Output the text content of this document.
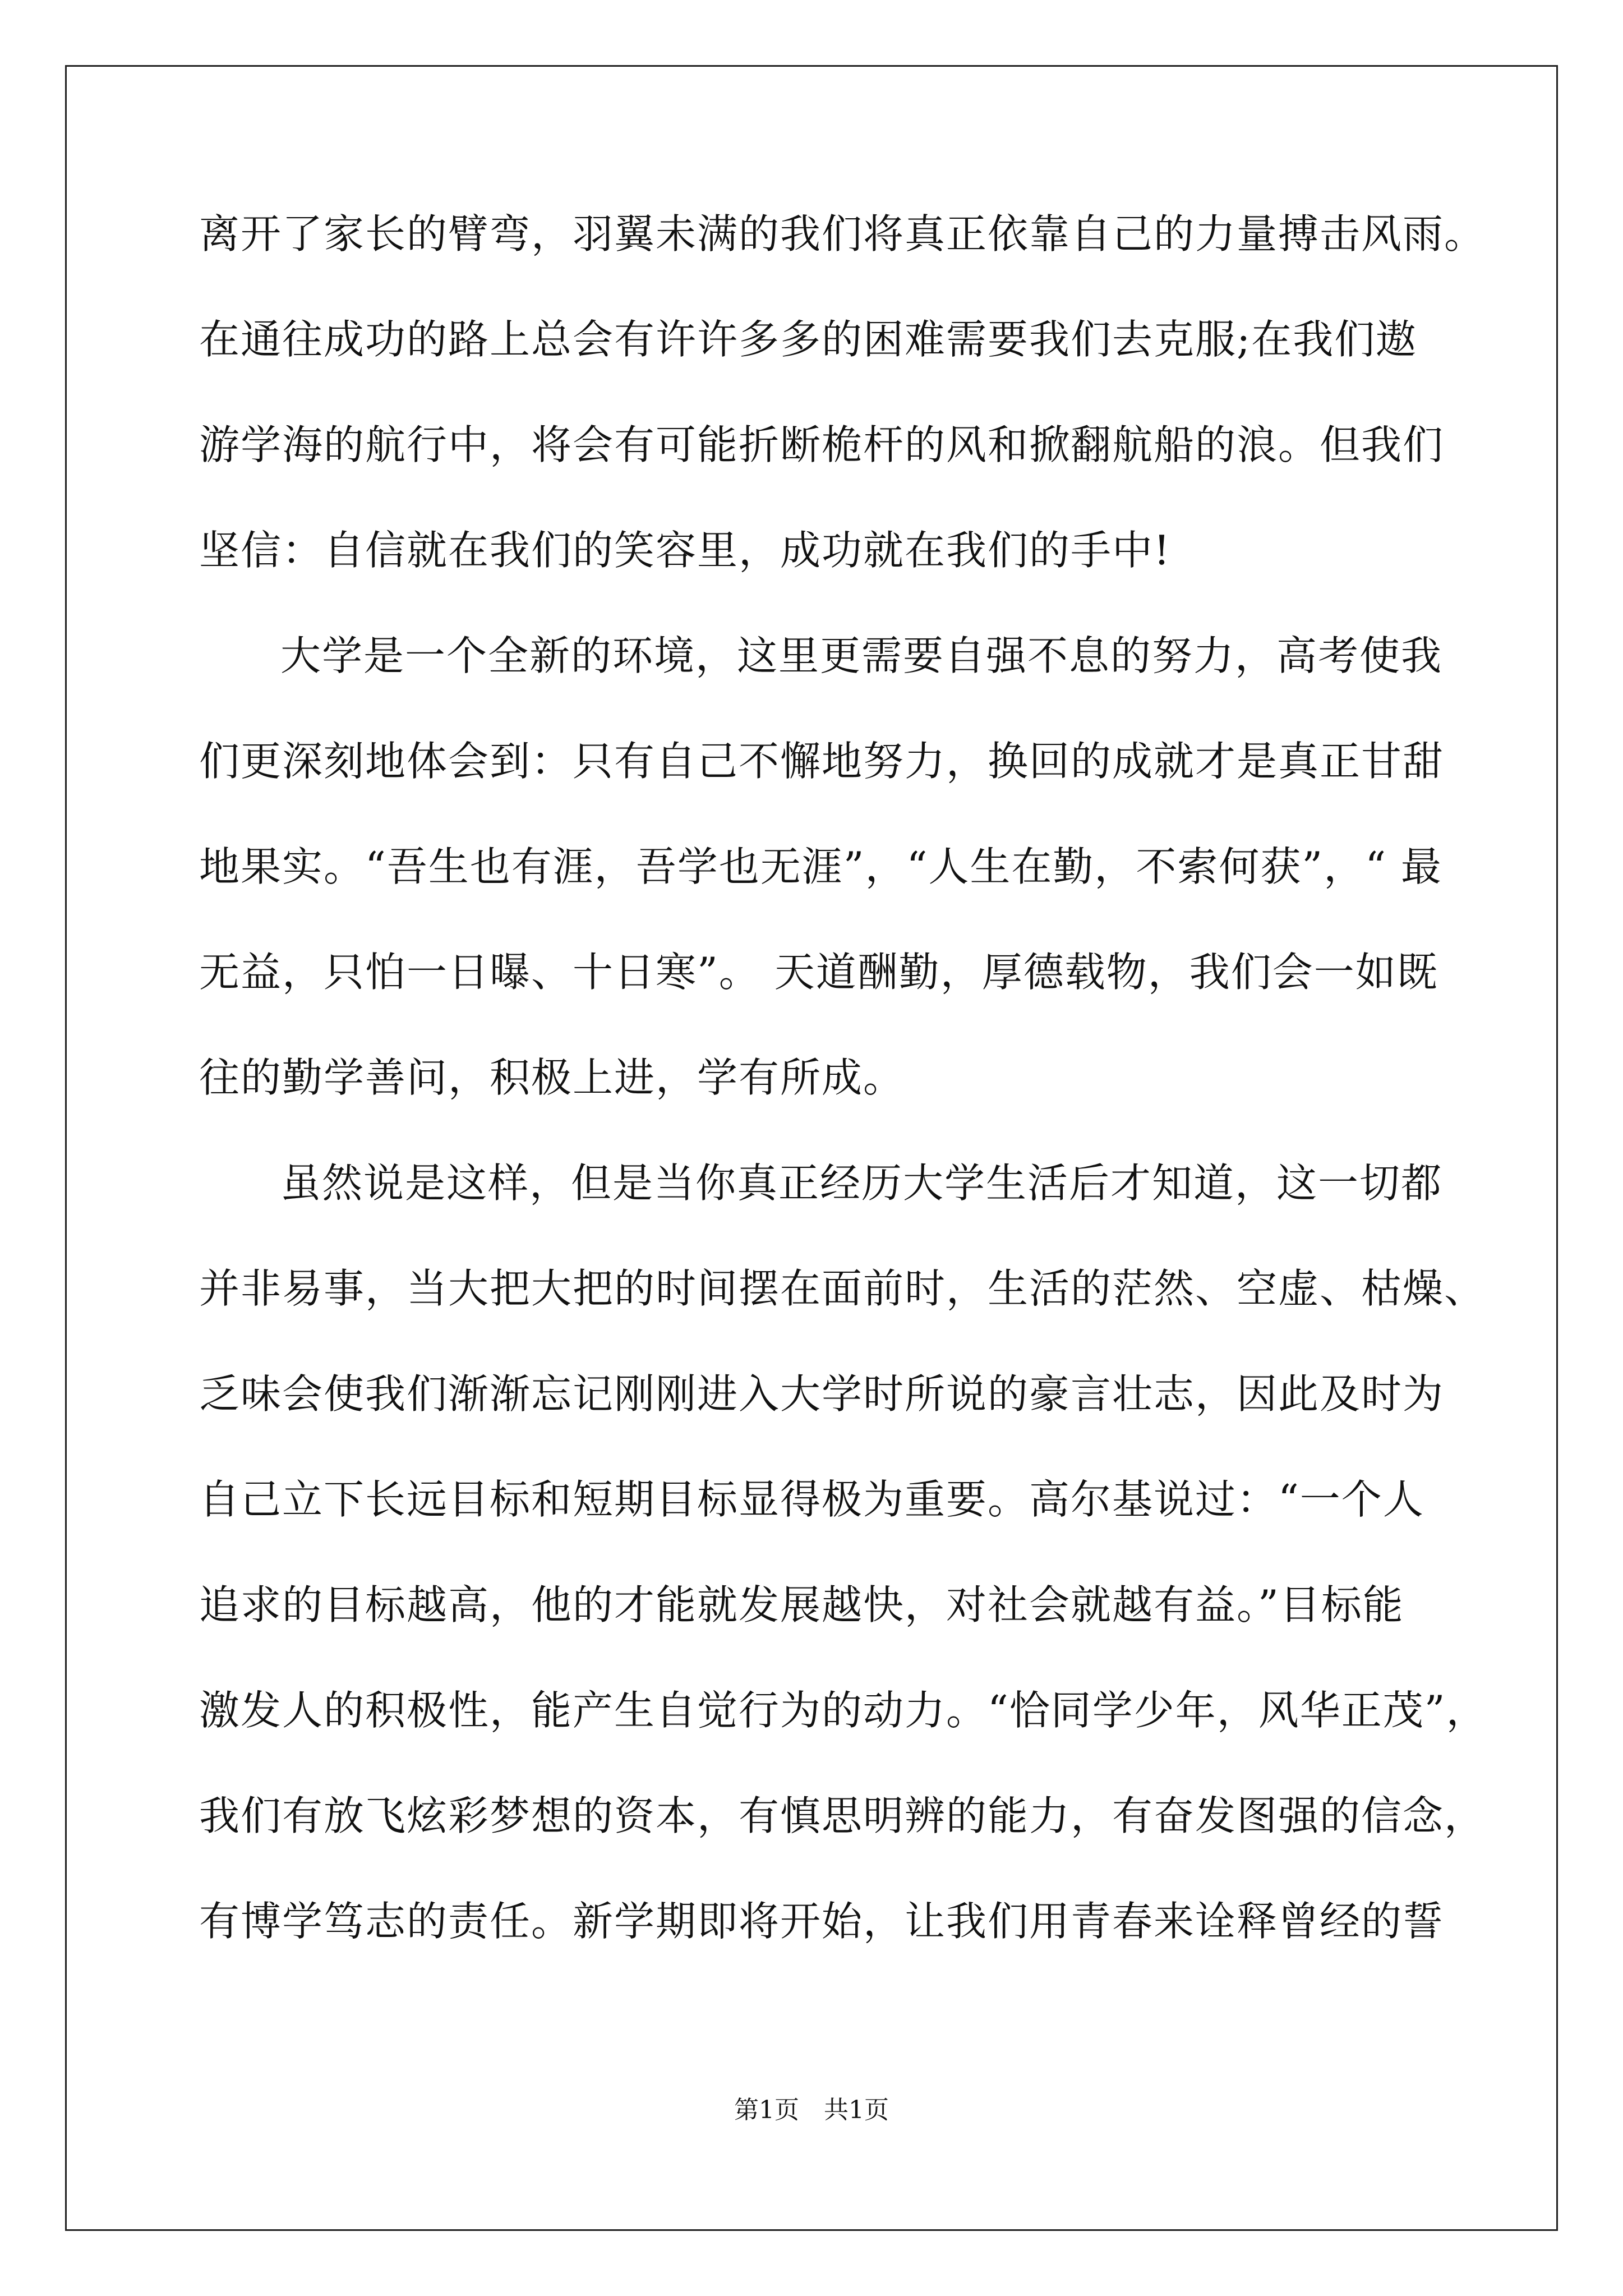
离开了家长的臂弯，羽翼未满的我们将真正依靠自己的力量搏击风雨。
在通往成功的路上总会有许许多多的困难需要我们去克服;在我们遨
游学海的航行中，将会有可能折断桅杆的风和掀翻航船的浪。但我们
坚信：自信就在我们的笑容里，成功就在我们的手中!
大学是一个全新的环境，这里更需要自强不息的努力，高考使我
们更深刻地体会到：只有自己不懈地努力，换回的成就才是真正甘甜
地果实。“吾生也有涯，吾学也无涯”，“人生在勤，不索何获”，“ 最
无益，只怕一日曝、十日寒”。 天道酬勤，厚德载物，我们会一如既
往的勤学善问，积极上进，学有所成。
虽然说是这样，但是当你真正经历大学生活后才知道，这一切都
并非易事，当大把大把的时间摆在面前时，生活的茫然、空虚、枯燥、
乏味会使我们渐渐忘记刚刚进入大学时所说的豪言壮志，因此及时为
自己立下长远目标和短期目标显得极为重要。高尔基说过：“一个人
追求的目标越高，他的才能就发展越快，对社会就越有益。”目标能
激发人的积极性，能产生自觉行为的动力。“恰同学少年，风华正茂”，
我们有放飞炫彩梦想的资本，有慎思明辨的能力，有奋发图强的信念，
有博学笃志的责任。新学期即将开始，让我们用青春来诠释曾经的誓
第1页　共1页
